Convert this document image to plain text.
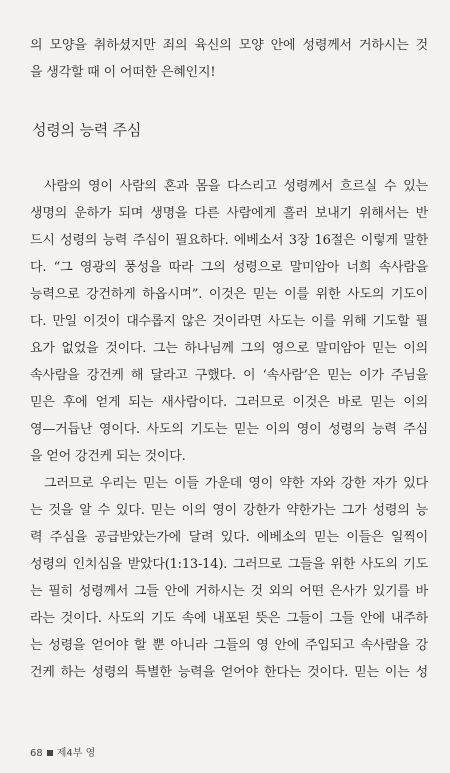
의 모양을 취하셨지만 죄의 육신의 모양 안에 성령께서 거하시는 것
을 생각할 때 이 어떠한 은혜인지!
성령의 능력 주심
사람의 영이 사람의 혼과 몸을 다스리고 성령께서 흐르실 수 있는
생명의 운하가 되며 생명을 다른 사람에게 흘러 보내기 위해서는 반
드시 성령의 능력 주심이 필요하다. 에베소서 3장 16절은 이렇게 말한
다. “그 영광의 풍성을 따라 그의 성령으로 말미암아 너희 속사람을
능력으로 강건하게 하옵시며”. 이것은 믿는 이를 위한 사도의 기도이
다. 만일 이것이 대수롭지 않은 것이라면 사도는 이를 위해 기도할 필
요가 없었을 것이다. 그는 하나님께 그의 영으로 말미암아 믿는 이의
속사람을 강건케 해 달라고 구했다. 이 ‘속사람’은 믿는 이가 주님을
믿은 후에 얻게 되는 새사람이다. 그러므로 이것은 바로 믿는 이의
영—거듭난 영이다. 사도의 기도는 믿는 이의 영이 성령의 능력 주심
을 얻어 강건케 되는 것이다.
그러므로 우리는 믿는 이들 가운데 영이 약한 자와 강한 자가 있다
는 것을 알 수 있다. 믿는 이의 영이 강한가 약한가는 그가 성령의 능
력 주심을 공급받았는가에 달려 있다. 에베소의 믿는 이들은 일찍이
성령의 인치심을 받았다(1:13-14). 그러므로 그들을 위한 사도의 기도
는 필히 성령께서 그들 안에 거하시는 것 외의 어떤 은사가 있기를 바
라는 것이다. 사도의 기도 속에 내포된 뜻은 그들이 그들 안에 내주하
는 성령을 얻어야 할 뿐 아니라 그들의 영 안에 주입되고 속사람을 강
건케 하는 성령의 특별한 능력을 얻어야 한다는 것이다. 믿는 이는 성
68 제4부 영
